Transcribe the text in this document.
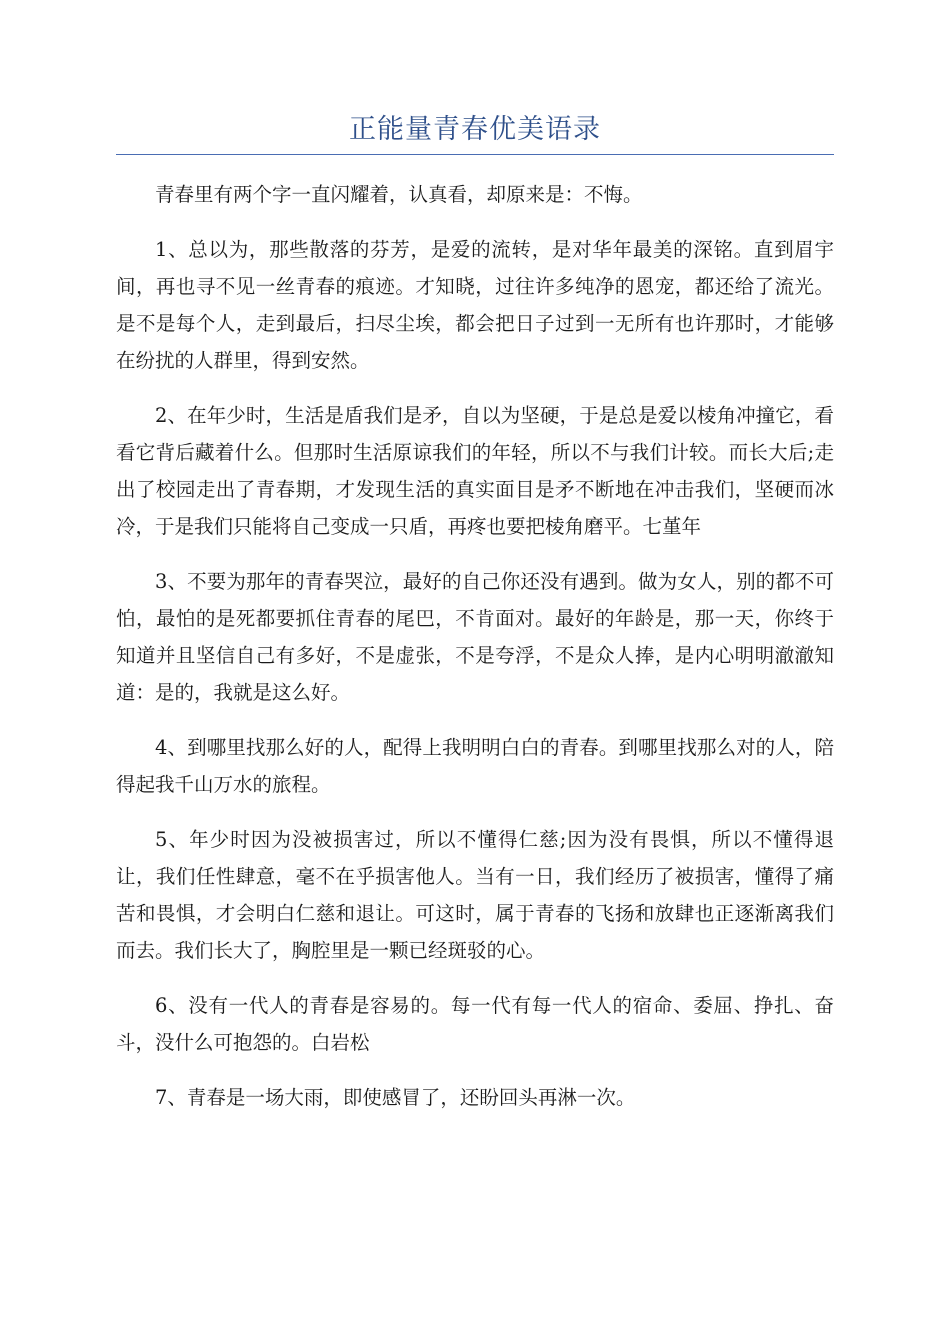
正能量青春优美语录

青春里有两个字一直闪耀着，认真看，却原来是：不悔。

1、总以为，那些散落的芬芳，是爱的流转，是对华年最美的深铭。直到眉宇间，再也寻不见一丝青春的痕迹。才知晓，过往许多纯净的恩宠，都还给了流光。是不是每个人，走到最后，扫尽尘埃，都会把日子过到一无所有也许那时，才能够在纷扰的人群里，得到安然。

2、在年少时，生活是盾我们是矛，自以为坚硬，于是总是爱以棱角冲撞它，看看它背后藏着什么。但那时生活原谅我们的年轻，所以不与我们计较。而长大后;走出了校园走出了青春期，才发现生活的真实面目是矛不断地在冲击我们，坚硬而冰冷，于是我们只能将自己变成一只盾，再疼也要把棱角磨平。七堇年

3、不要为那年的青春哭泣，最好的自己你还没有遇到。做为女人，别的都不可怕，最怕的是死都要抓住青春的尾巴，不肯面对。最好的年龄是，那一天，你终于知道并且坚信自己有多好，不是虚张，不是夸浮，不是众人捧，是内心明明澈澈知道：是的，我就是这么好。

4、到哪里找那么好的人，配得上我明明白白的青春。到哪里找那么对的人，陪得起我千山万水的旅程。

5、年少时因为没被损害过，所以不懂得仁慈;因为没有畏惧，所以不懂得退让，我们任性肆意，毫不在乎损害他人。当有一日，我们经历了被损害，懂得了痛苦和畏惧，才会明白仁慈和退让。可这时，属于青春的飞扬和放肆也正逐渐离我们而去。我们长大了，胸腔里是一颗已经斑驳的心。

6、没有一代人的青春是容易的。每一代有每一代人的宿命、委屈、挣扎、奋斗，没什么可抱怨的。白岩松

7、青春是一场大雨，即使感冒了，还盼回头再淋一次。
